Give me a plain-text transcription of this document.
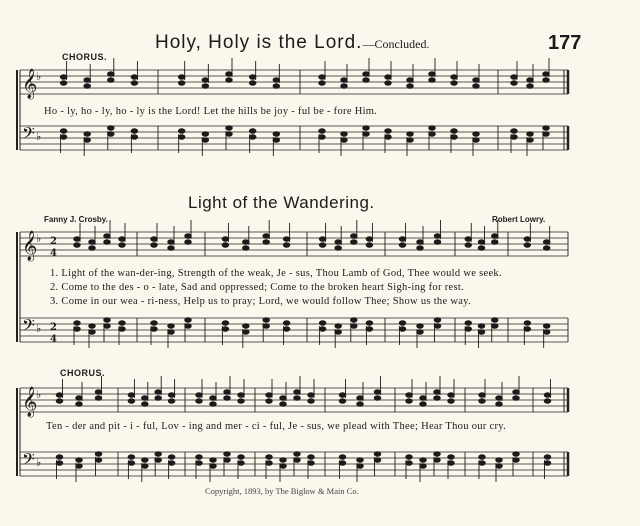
CHORUS.
Holy, Holy is the Lord.—Concluded.	177
Ho - ly, ho - ly, ho - ly is the Lord! Let the hills be joy - ful be - fore Him.
Light of the Wandering.
Fanny J. Crosby.	Robert Lowry.
1. Light of the wan-der-ing, Strength of the weak, Je - sus, Thou Lamb of God, Thee would we seek.
2. Come to the des - o - late, Sad and oppressed; Come to the broken heart Sigh-ing for rest.
3. Come in our wea - ri-ness, Help us to pray; Lord, we would follow Thee; Show us the way.
CHORUS.
Ten - der and pit - i - ful, Lov - ing and mer - ci - ful, Je - sus, we plead with Thee; Hear Thou our cry.
Copyright, 1893, by The Biglow & Main Co.
𝄞
𝄢
♭
♭
𝄞
𝄢
♭
♭
2
4
2
4
𝄞
𝄢
♭
♭
